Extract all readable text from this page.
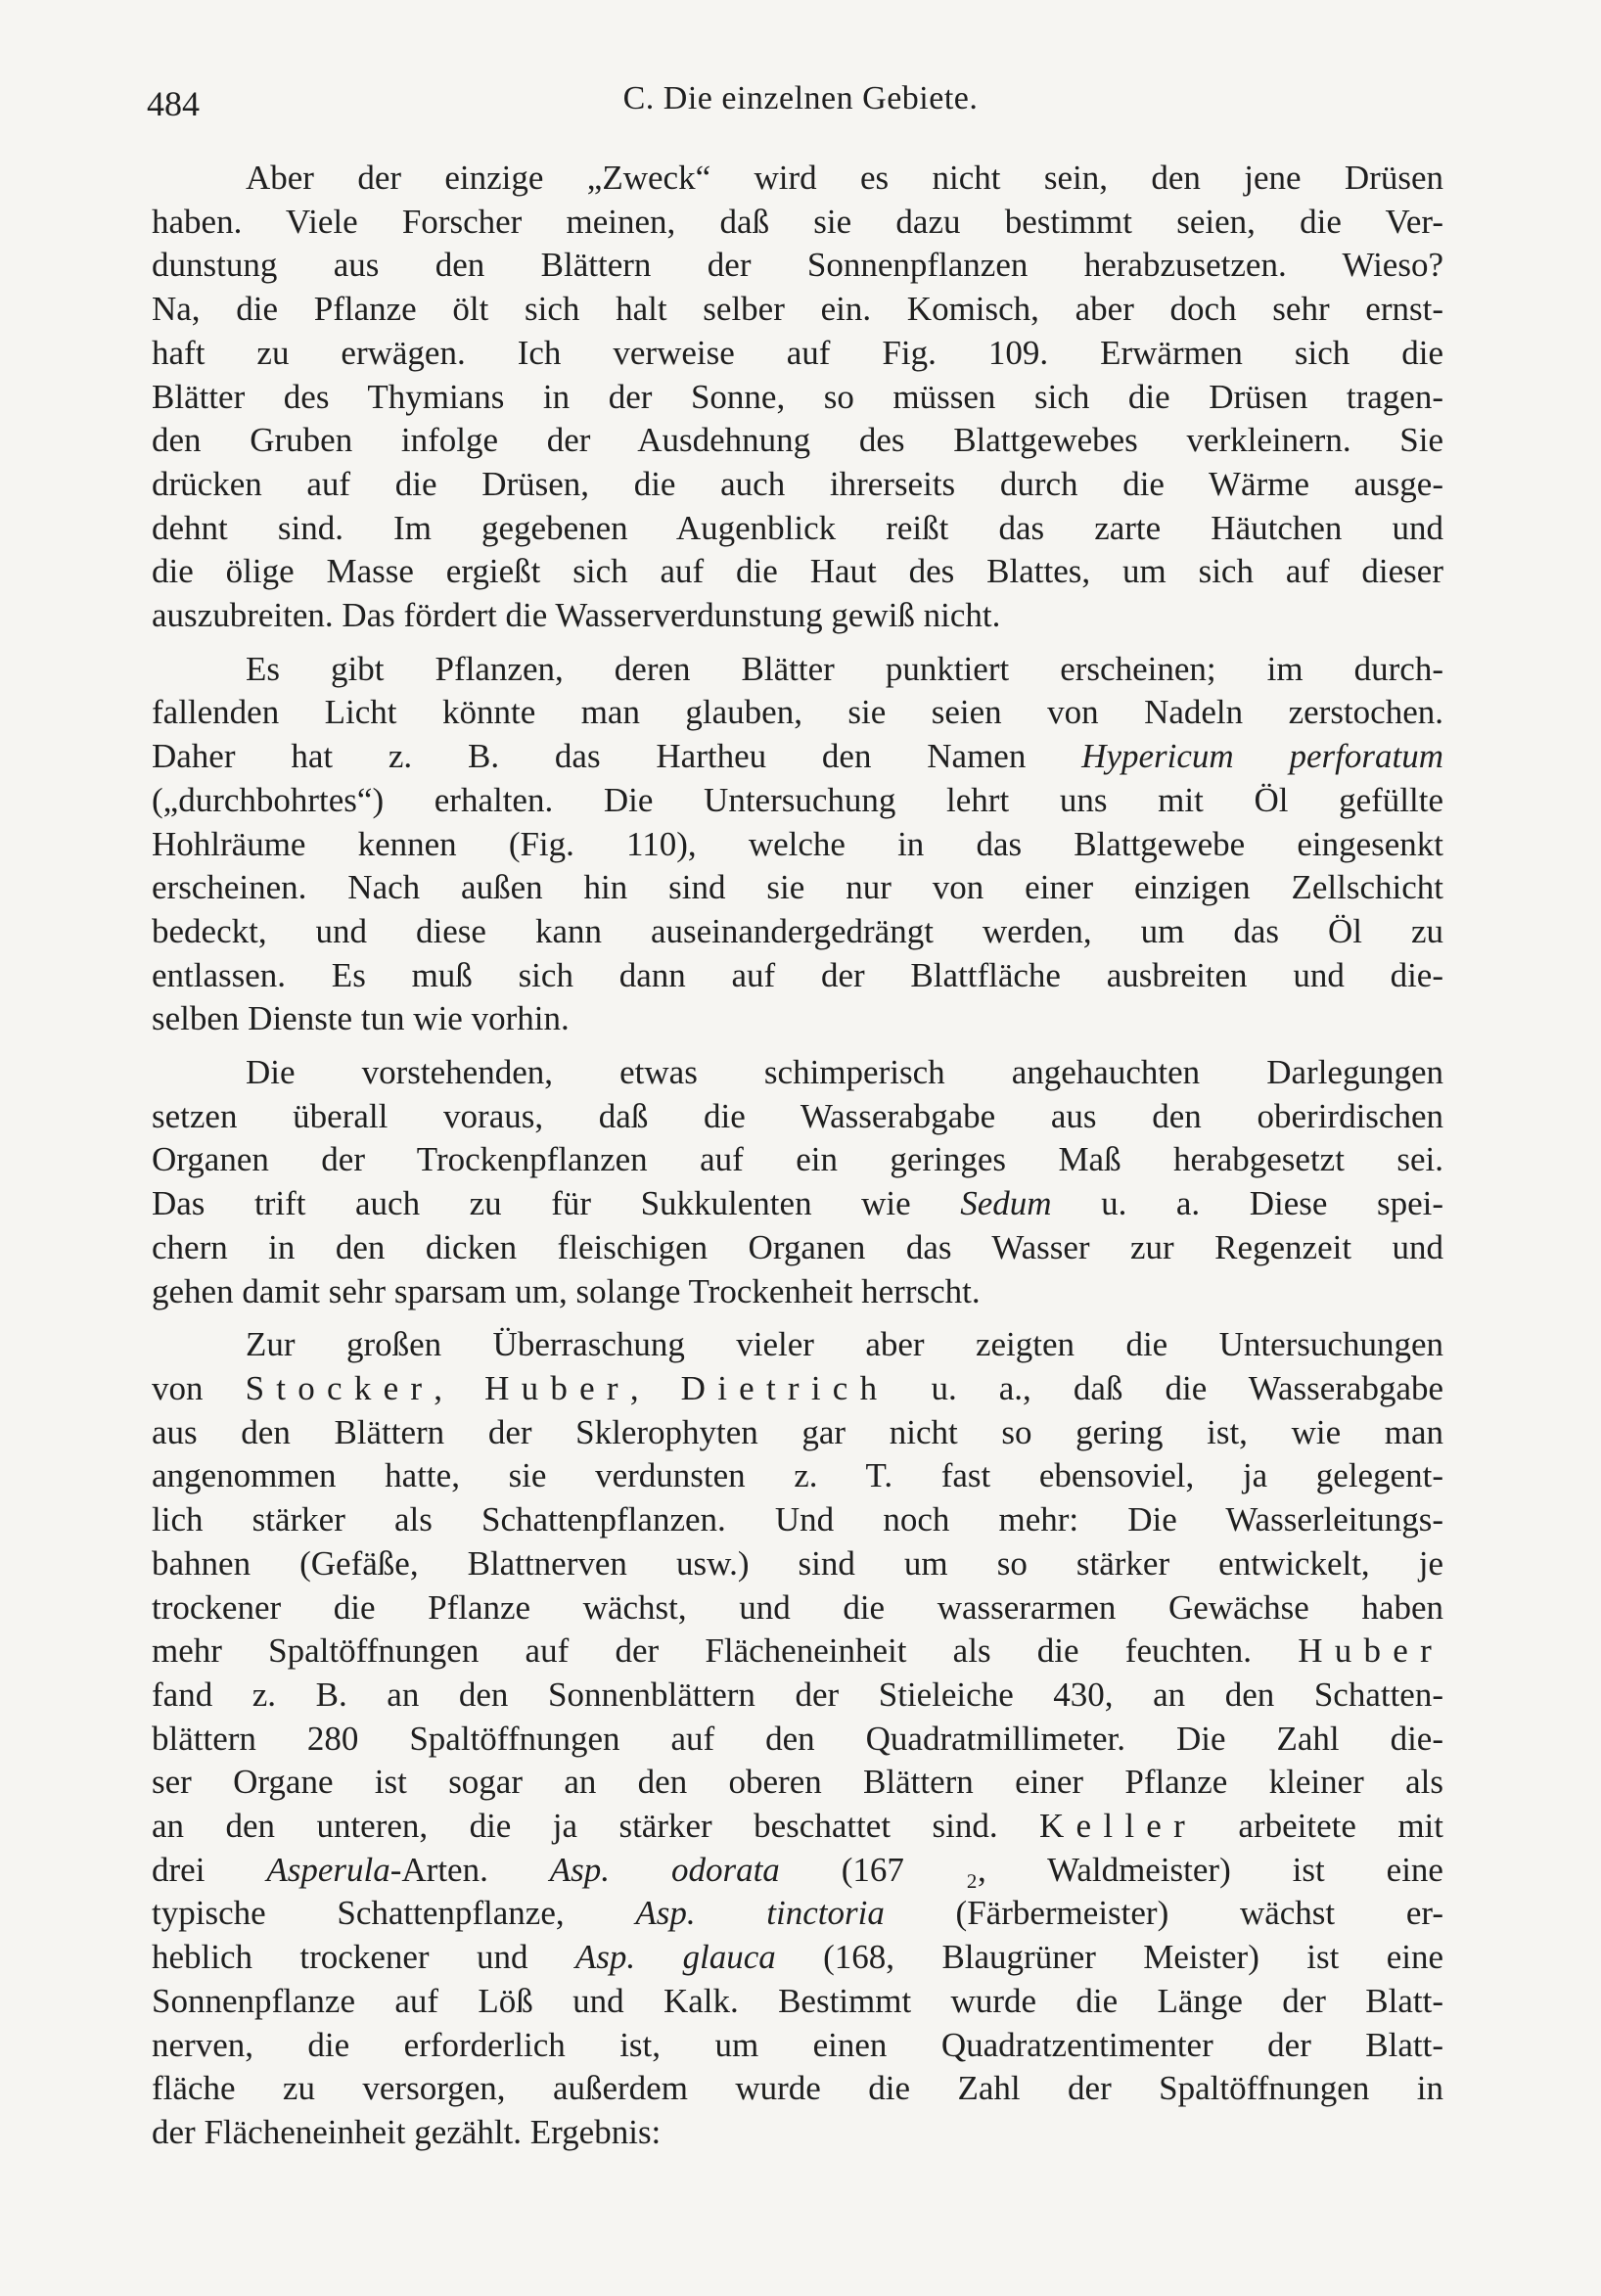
484	C. Die einzelnen Gebiete.
Aber der einzige „Zweck“ wird es nicht sein, den jene Drüsen
haben. Viele Forscher meinen, daß sie dazu bestimmt seien, die Ver-
dunstung aus den Blättern der Sonnenpflanzen herabzusetzen. Wieso?
Na, die Pflanze ölt sich halt selber ein. Komisch, aber doch sehr ernst-
haft zu erwägen. Ich verweise auf Fig. 109. Erwärmen sich die
Blätter des Thymians in der Sonne, so müssen sich die Drüsen tragen-
den Gruben infolge der Ausdehnung des Blattgewebes verkleinern. Sie
drücken auf die Drüsen, die auch ihrerseits durch die Wärme ausge-
dehnt sind. Im gegebenen Augenblick reißt das zarte Häutchen und
die ölige Masse ergießt sich auf die Haut des Blattes, um sich auf dieser
auszubreiten. Das fördert die Wasserverdunstung gewiß nicht.
Es gibt Pflanzen, deren Blätter punktiert erscheinen; im durch-
fallenden Licht könnte man glauben, sie seien von Nadeln zerstochen.
Daher hat z. B. das Hartheu den Namen Hypericum perforatum
(„durchbohrtes“) erhalten. Die Untersuchung lehrt uns mit Öl gefüllte
Hohlräume kennen (Fig. 110), welche in das Blattgewebe eingesenkt
erscheinen. Nach außen hin sind sie nur von einer einzigen Zellschicht
bedeckt, und diese kann auseinandergedrängt werden, um das Öl zu
entlassen. Es muß sich dann auf der Blattfläche ausbreiten und die-
selben Dienste tun wie vorhin.
Die vorstehenden, etwas schimperisch angehauchten Darlegungen
setzen überall voraus, daß die Wasserabgabe aus den oberirdischen
Organen der Trockenpflanzen auf ein geringes Maß herabgesetzt sei.
Das trift auch zu für Sukkulenten wie Sedum u. a. Diese spei-
chern in den dicken fleischigen Organen das Wasser zur Regenzeit und
gehen damit sehr sparsam um, solange Trockenheit herrscht.
Zur großen Überraschung vieler aber zeigten die Untersuchungen
von Stocker, Huber, Dietrich u. a., daß die Wasserabgabe
aus den Blättern der Sklerophyten gar nicht so gering ist, wie man
angenommen hatte, sie verdunsten z. T. fast ebensoviel, ja gelegent-
lich stärker als Schattenpflanzen. Und noch mehr: Die Wasserleitungs-
bahnen (Gefäße, Blattnerven usw.) sind um so stärker entwickelt, je
trockener die Pflanze wächst, und die wasserarmen Gewächse haben
mehr Spaltöffnungen auf der Flächeneinheit als die feuchten. Huber
fand z. B. an den Sonnenblättern der Stieleiche 430, an den Schatten-
blättern 280 Spaltöffnungen auf den Quadratmillimeter. Die Zahl die-
ser Organe ist sogar an den oberen Blättern einer Pflanze kleiner als
an den unteren, die ja stärker beschattet sind. Keller arbeitete mit
drei Asperula-Arten. Asp. odorata (167 ₂, Waldmeister) ist eine
typische Schattenpflanze, Asp. tinctoria (Färbermeister) wächst er-
heblich trockener und Asp. glauca (168, Blaugrüner Meister) ist eine
Sonnenpflanze auf Löß und Kalk. Bestimmt wurde die Länge der Blatt-
nerven, die erforderlich ist, um einen Quadratzentimenter der Blatt-
fläche zu versorgen, außerdem wurde die Zahl der Spaltöffnungen in
der Flächeneinheit gezählt. Ergebnis:
